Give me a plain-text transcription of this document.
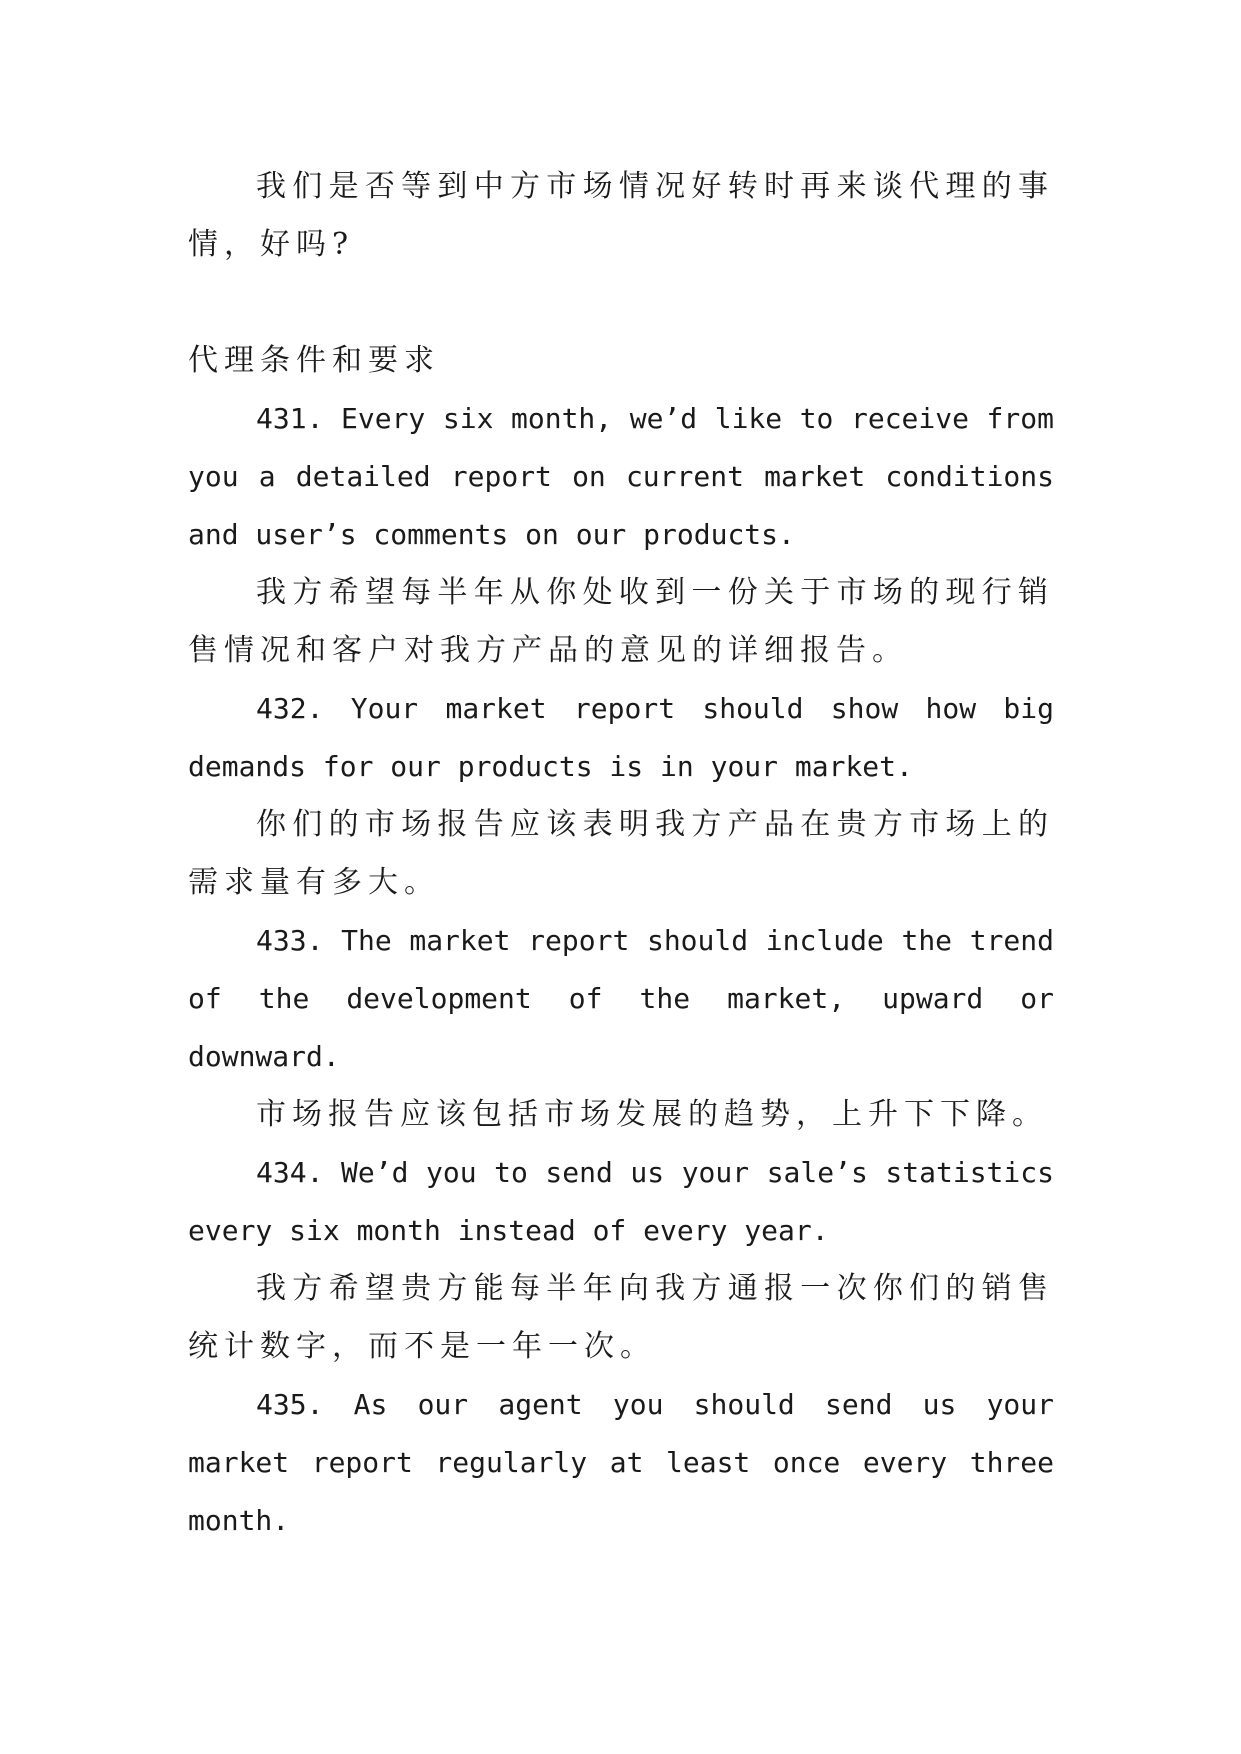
我们是否等到中方市场情况好转时再来谈代理的事情，好吗?

代理条件和要求

431. Every six month, we’d like to receive from you a detailed report on current market conditions and user’s comments on our products.

我方希望每半年从你处收到一份关于市场的现行销售情况和客户对我方产品的意见的详细报告。

432. Your market report should show how big demands for our products is in your market.

你们的市场报告应该表明我方产品在贵方市场上的需求量有多大。

433. The market report should include the trend of the development of the market, upward or downward.

市场报告应该包括市场发展的趋势，上升下下降。

434. We’d you to send us your sale’s statistics every six month instead of every year.

我方希望贵方能每半年向我方通报一次你们的销售统计数字，而不是一年一次。

435. As our agent you should send us your market report regularly at least once every three month.
